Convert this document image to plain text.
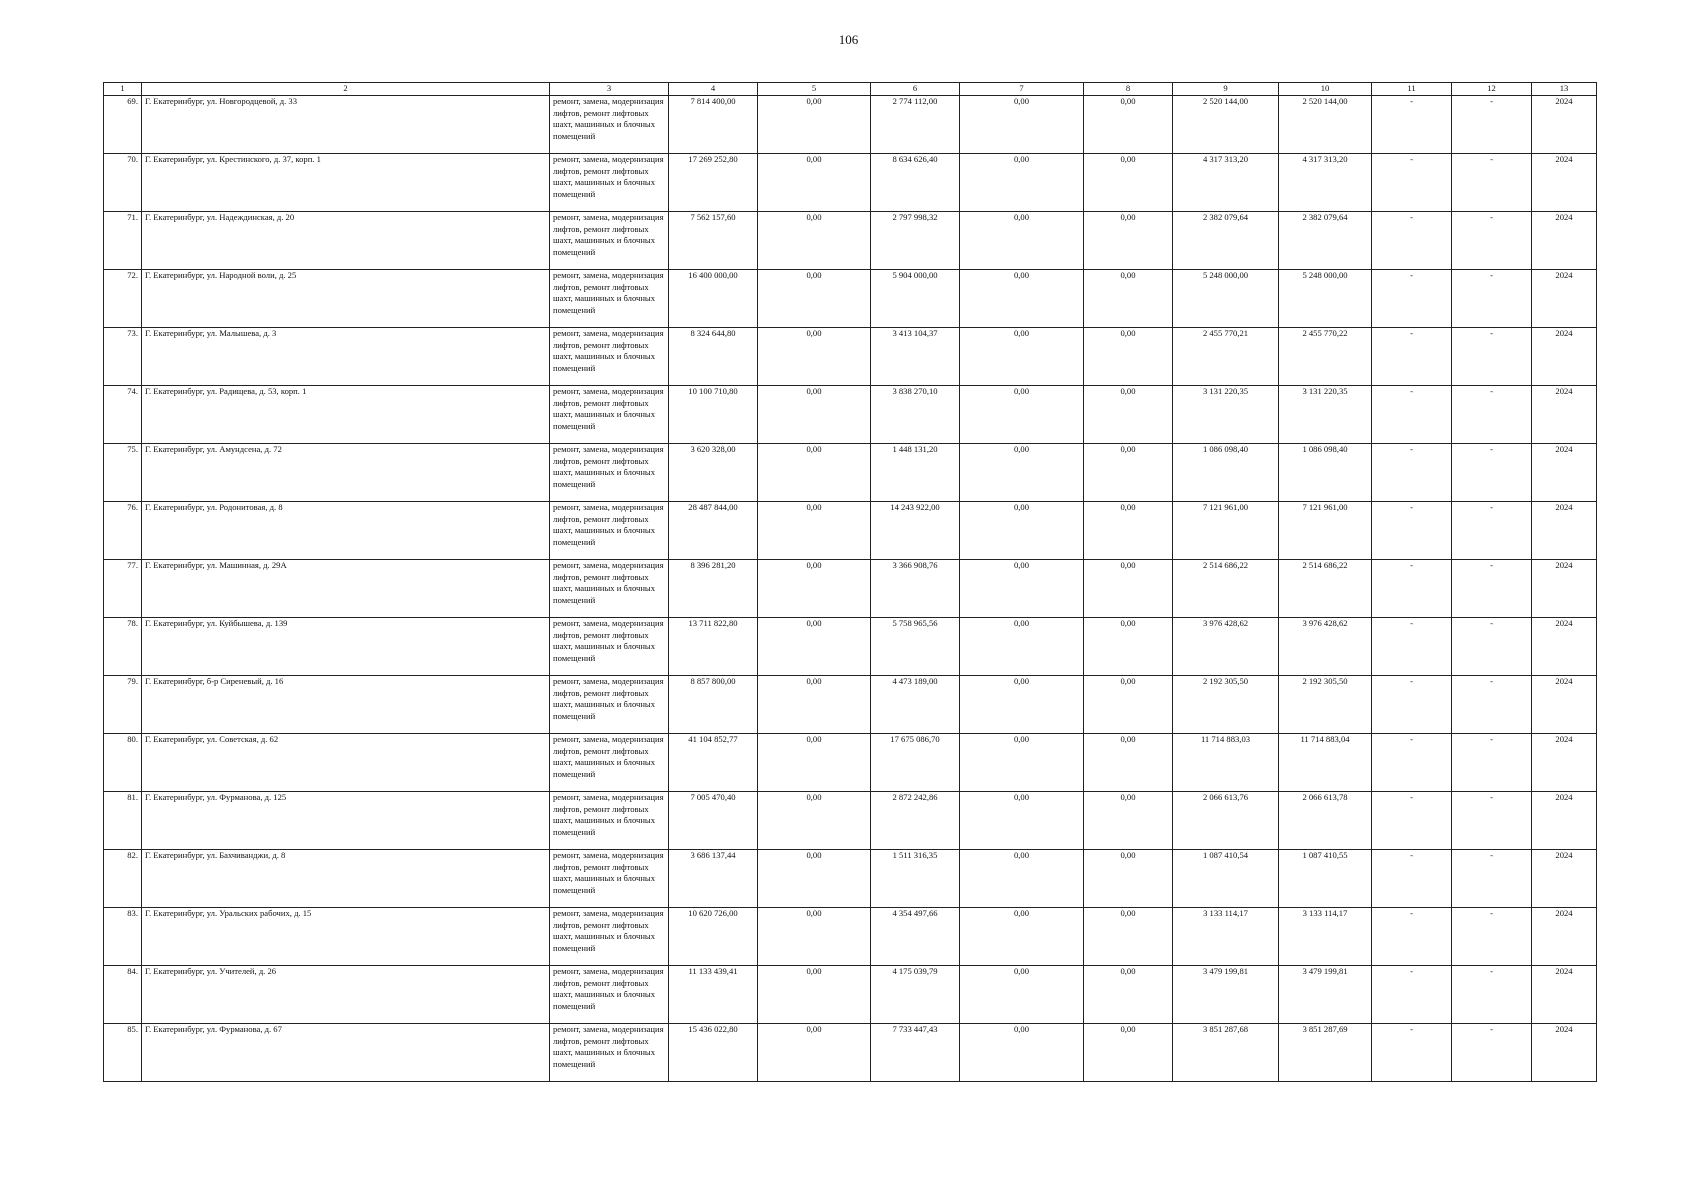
106
1	2	3	4	5	6	7	8	9	10	11	12	13
69.	Г. Екатеринбург, ул. Новгородцевой, д. 33	ремонт, замена, модернизация лифтов, ремонт лифтовых шахт, машинных и блочных помещений	7 814 400,00	0,00	2 774 112,00	0,00	0,00	2 520 144,00	2 520 144,00	-	-	2024
70.	Г. Екатеринбург, ул. Крестинского, д. 37, корп. 1	ремонт, замена, модернизация лифтов, ремонт лифтовых шахт, машинных и блочных помещений	17 269 252,80	0,00	8 634 626,40	0,00	0,00	4 317 313,20	4 317 313,20	-	-	2024
71.	Г. Екатеринбург, ул. Надеждинская, д. 20	ремонт, замена, модернизация лифтов, ремонт лифтовых шахт, машинных и блочных помещений	7 562 157,60	0,00	2 797 998,32	0,00	0,00	2 382 079,64	2 382 079,64	-	-	2024
72.	Г. Екатеринбург, ул. Народной воли, д. 25	ремонт, замена, модернизация лифтов, ремонт лифтовых шахт, машинных и блочных помещений	16 400 000,00	0,00	5 904 000,00	0,00	0,00	5 248 000,00	5 248 000,00	-	-	2024
73.	Г. Екатеринбург, ул. Малышева, д. 3	ремонт, замена, модернизация лифтов, ремонт лифтовых шахт, машинных и блочных помещений	8 324 644,80	0,00	3 413 104,37	0,00	0,00	2 455 770,21	2 455 770,22	-	-	2024
74.	Г. Екатеринбург, ул. Радищева, д. 53, корп. 1	ремонт, замена, модернизация лифтов, ремонт лифтовых шахт, машинных и блочных помещений	10 100 710,80	0,00	3 838 270,10	0,00	0,00	3 131 220,35	3 131 220,35	-	-	2024
75.	Г. Екатеринбург, ул. Амундсена, д. 72	ремонт, замена, модернизация лифтов, ремонт лифтовых шахт, машинных и блочных помещений	3 620 328,00	0,00	1 448 131,20	0,00	0,00	1 086 098,40	1 086 098,40	-	-	2024
76.	Г. Екатеринбург, ул. Родонитовая, д. 8	ремонт, замена, модернизация лифтов, ремонт лифтовых шахт, машинных и блочных помещений	28 487 844,00	0,00	14 243 922,00	0,00	0,00	7 121 961,00	7 121 961,00	-	-	2024
77.	Г. Екатеринбург, ул. Машинная, д. 29А	ремонт, замена, модернизация лифтов, ремонт лифтовых шахт, машинных и блочных помещений	8 396 281,20	0,00	3 366 908,76	0,00	0,00	2 514 686,22	2 514 686,22	-	-	2024
78.	Г. Екатеринбург, ул. Куйбышева, д. 139	ремонт, замена, модернизация лифтов, ремонт лифтовых шахт, машинных и блочных помещений	13 711 822,80	0,00	5 758 965,56	0,00	0,00	3 976 428,62	3 976 428,62	-	-	2024
79.	Г. Екатеринбург, б-р Сиреневый, д. 16	ремонт, замена, модернизация лифтов, ремонт лифтовых шахт, машинных и блочных помещений	8 857 800,00	0,00	4 473 189,00	0,00	0,00	2 192 305,50	2 192 305,50	-	-	2024
80.	Г. Екатеринбург, ул. Советская, д. 62	ремонт, замена, модернизация лифтов, ремонт лифтовых шахт, машинных и блочных помещений	41 104 852,77	0,00	17 675 086,70	0,00	0,00	11 714 883,03	11 714 883,04	-	-	2024
81.	Г. Екатеринбург, ул. Фурманова, д. 125	ремонт, замена, модернизация лифтов, ремонт лифтовых шахт, машинных и блочных помещений	7 005 470,40	0,00	2 872 242,86	0,00	0,00	2 066 613,76	2 066 613,78	-	-	2024
82.	Г. Екатеринбург, ул. Бахчиванджи, д. 8	ремонт, замена, модернизация лифтов, ремонт лифтовых шахт, машинных и блочных помещений	3 686 137,44	0,00	1 511 316,35	0,00	0,00	1 087 410,54	1 087 410,55	-	-	2024
83.	Г. Екатеринбург, ул. Уральских рабочих, д. 15	ремонт, замена, модернизация лифтов, ремонт лифтовых шахт, машинных и блочных помещений	10 620 726,00	0,00	4 354 497,66	0,00	0,00	3 133 114,17	3 133 114,17	-	-	2024
84.	Г. Екатеринбург, ул. Учителей, д. 26	ремонт, замена, модернизация лифтов, ремонт лифтовых шахт, машинных и блочных помещений	11 133 439,41	0,00	4 175 039,79	0,00	0,00	3 479 199,81	3 479 199,81	-	-	2024
85.	Г. Екатеринбург, ул. Фурманова, д. 67	ремонт, замена, модернизация лифтов, ремонт лифтовых шахт, машинных и блочных помещений	15 436 022,80	0,00	7 733 447,43	0,00	0,00	3 851 287,68	3 851 287,69	-	-	2024
